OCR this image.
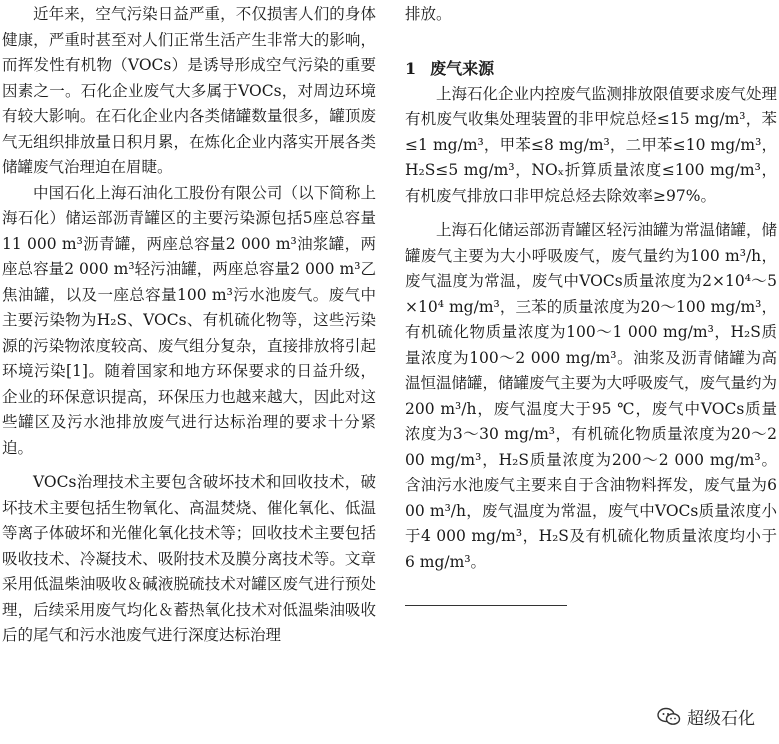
近年来，空气污染日益严重，不仅损害人们的身体健康，严重时甚至对人们正常生活产生非常大的影响，而挥发性有机物（VOCs）是诱导形成空气污染的重要因素之一。石化企业废气大多属于VOCs，对周边环境有较大影响。在石化企业内各类储罐数量很多，罐顶废气无组织排放量日积月累，在炼化企业内落实开展各类储罐废气治理迫在眉睫。

中国石化上海石油化工股份有限公司（以下简称上海石化）储运部沥青罐区的主要污染源包括5座总容量11 000 m³沥青罐，两座总容量2 000 m³油浆罐，两座总容量2 000 m³轻污油罐，两座总容量2 000 m³乙焦油罐，以及一座总容量100 m³污水池废气。废气中主要污染物为H₂S、VOCs、有机硫化物等，这些污染源的污染物浓度较高、废气组分复杂，直接排放将引起环境污染[1]。随着国家和地方环保要求的日益升级，企业的环保意识提高，环保压力也越来越大，因此对这些罐区及污水池排放废气进行达标治理的要求十分紧迫。

VOCs治理技术主要包含破坏技术和回收技术，破坏技术主要包括生物氧化、高温焚烧、催化氧化、低温等离子体破坏和光催化氧化技术等；回收技术主要包括吸收技术、冷凝技术、吸附技术及膜分离技术等。文章采用低温柴油吸收＆碱液脱硫技术对罐区废气进行预处理，后续采用废气均化＆蓄热氧化技术对低温柴油吸收后的尾气和污水池废气进行深度达标治理

排放。

1 废气来源

上海石化企业内控废气监测排放限值要求废气处理有机废气收集处理装置的非甲烷总烃≤15 mg/m³，苯≤1 mg/m³，甲苯≤8 mg/m³，二甲苯≤10 mg/m³，H₂S≤5 mg/m³，NOₓ折算质量浓度≤100 mg/m³，有机废气排放口非甲烷总烃去除效率≥97%。

上海石化储运部沥青罐区轻污油罐为常温储罐，储罐废气主要为大小呼吸废气，废气量约为100 m³/h，废气温度为常温，废气中VOCs质量浓度为2×10⁴～5×10⁴ mg/m³，三苯的质量浓度为20～100 mg/m³，有机硫化物质量浓度为100～1 000 mg/m³，H₂S质量浓度为100～2 000 mg/m³。油浆及沥青储罐为高温恒温储罐，储罐废气主要为大呼吸废气，废气量约为200 m³/h，废气温度大于95 ℃，废气中VOCs质量浓度为3～30 mg/m³，有机硫化物质量浓度为20～200 mg/m³，H₂S质量浓度为200～2 000 mg/m³。含油污水池废气主要来自于含油物料挥发，废气量为600 m³/h，废气温度为常温，废气中VOCs质量浓度小于4 000 mg/m³，H₂S及有机硫化物质量浓度均小于6 mg/m³。

超级石化
